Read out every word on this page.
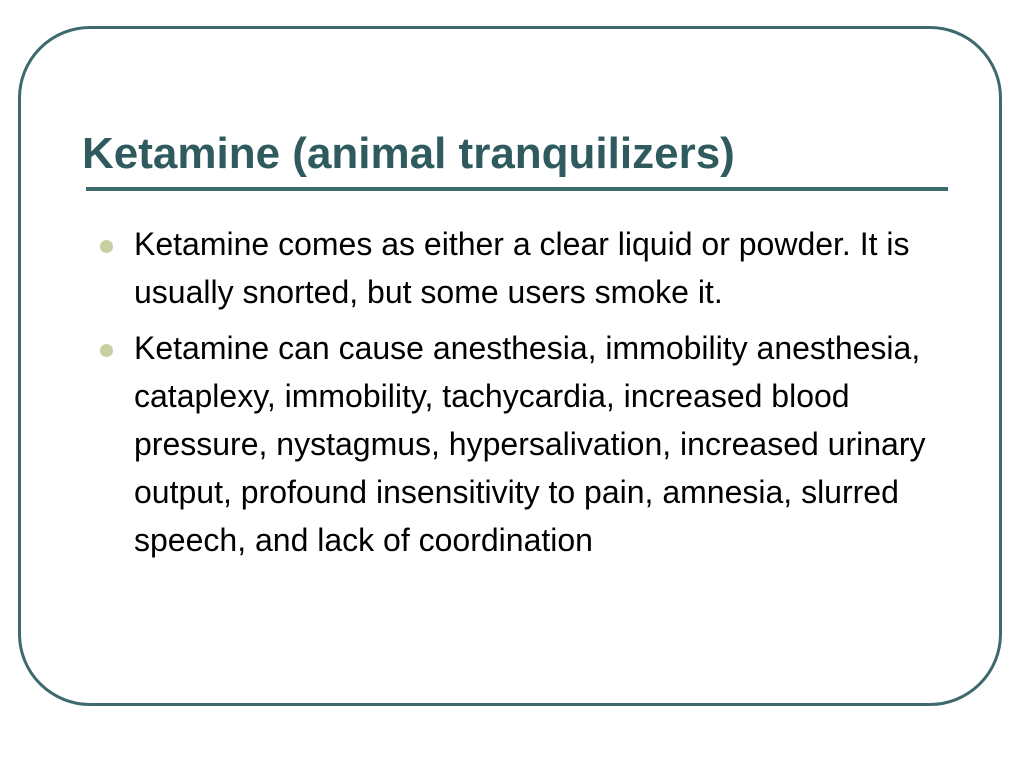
Ketamine (animal tranquilizers)
Ketamine comes as either a clear liquid or powder. It is usually snorted, but some users smoke it.
Ketamine can cause anesthesia, immobility anesthesia, cataplexy, immobility, tachycardia, increased blood pressure, nystagmus, hypersalivation, increased urinary output, profound insensitivity to pain, amnesia, slurred speech, and lack of coordination
